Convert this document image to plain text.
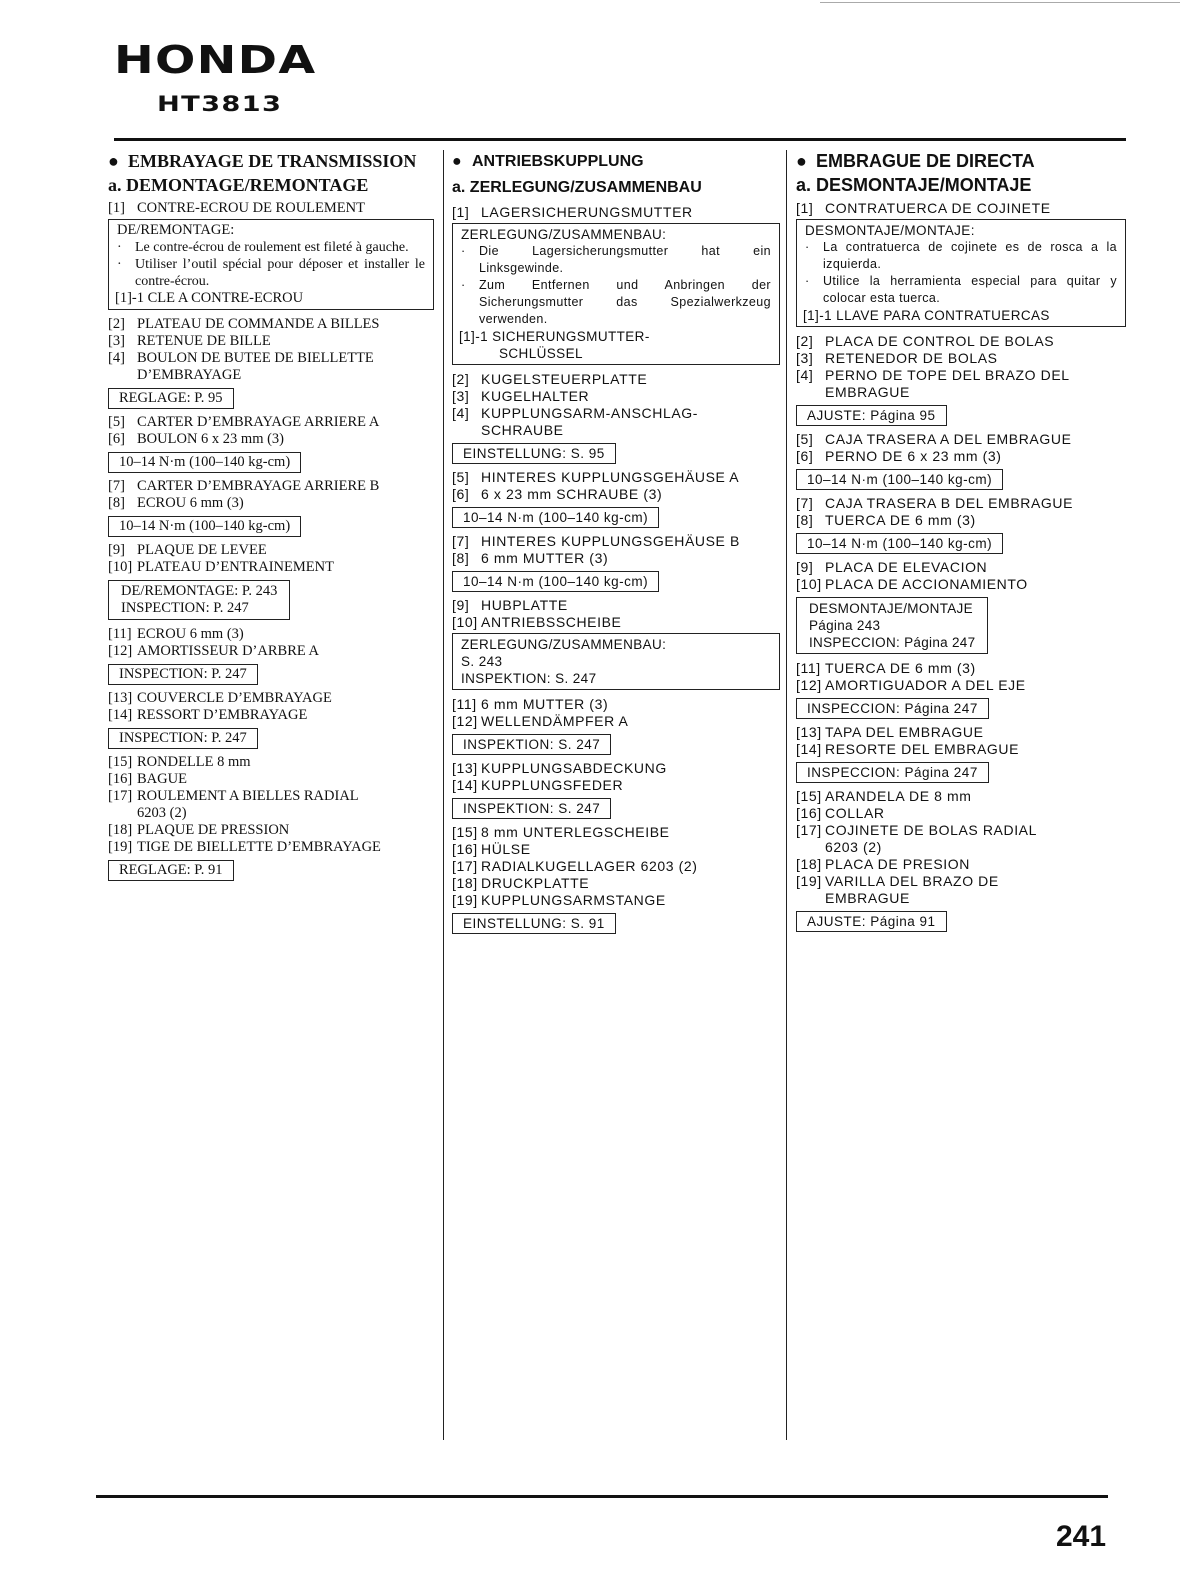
HONDA
HT3813
● EMBRAYAGE DE TRANSMISSION
a. DEMONTAGE/REMONTAGE
[1] CONTRE-ECROU DE ROULEMENT
DE/REMONTAGE:
· Le contre-écrou de roulement est fileté à gauche.
· Utiliser l’outil spécial pour déposer et installer le contre-écrou.
[1]-1 CLE A CONTRE-ECROU
[2] PLATEAU DE COMMANDE A BILLES
[3] RETENUE DE BILLE
[4] BOULON DE BUTEE DE BIELLETTE
D’EMBRAYAGE
REGLAGE: P. 95
[5] CARTER D’EMBRAYAGE ARRIERE A
[6] BOULON 6 x 23 mm (3)
10–14 N·m (100–140 kg-cm)
[7] CARTER D’EMBRAYAGE ARRIERE B
[8] ECROU 6 mm (3)
10–14 N·m (100–140 kg-cm)
[9] PLAQUE DE LEVEE
[10] PLATEAU D’ENTRAINEMENT
DE/REMONTAGE: P. 243
INSPECTION: P. 247
[11] ECROU 6 mm (3)
[12] AMORTISSEUR D’ARBRE A
INSPECTION: P. 247
[13] COUVERCLE D’EMBRAYAGE
[14] RESSORT D’EMBRAYAGE
INSPECTION: P. 247
[15] RONDELLE 8 mm
[16] BAGUE
[17] ROULEMENT A BIELLES RADIAL
6203 (2)
[18] PLAQUE DE PRESSION
[19] TIGE DE BIELLETTE D’EMBRAYAGE
REGLAGE: P. 91
● ANTRIEBSKUPPLUNG
a. ZERLEGUNG/ZUSAMMENBAU
[1] LAGERSICHERUNGSMUTTER
ZERLEGUNG/ZUSAMMENBAU:
·	Die Lagersicherungsmutter hat ein Linksgewinde.
·	Zum Entfernen und Anbringen der Sicherungsmutter das Spezialwerkzeug verwenden.
[1]-1 SICHERUNGSMUTTER-
SCHLÜSSEL
[2] KUGELSTEUERPLATTE
[3] KUGELHALTER
[4] KUPPLUNGSARM-ANSCHLAG-
SCHRAUBE
EINSTELLUNG: S. 95
[5] HINTERES KUPPLUNGSGEHÄUSE A
[6] 6 x 23 mm SCHRAUBE (3)
10–14 N·m (100–140 kg-cm)
[7] HINTERES KUPPLUNGSGEHÄUSE B
[8] 6 mm MUTTER (3)
10–14 N·m (100–140 kg-cm)
[9] HUBPLATTE
[10] ANTRIEBSSCHEIBE
ZERLEGUNG/ZUSAMMENBAU:
S. 243
INSPEKTION: S. 247
[11] 6 mm MUTTER (3)
[12] WELLENDÄMPFER A
INSPEKTION: S. 247
[13] KUPPLUNGSABDECKUNG
[14] KUPPLUNGSFEDER
INSPEKTION: S. 247
[15] 8 mm UNTERLEGSCHEIBE
[16] HÜLSE
[17] RADIALKUGELLAGER 6203 (2)
[18] DRUCKPLATTE
[19] KUPPLUNGSARMSTANGE
EINSTELLUNG: S. 91
● EMBRAGUE DE DIRECTA
a. DESMONTAJE/MONTAJE
[1] CONTRATUERCA DE COJINETE
DESMONTAJE/MONTAJE:
·	La contratuerca de cojinete es de rosca a la izquierda.
·	Utilice la herramienta especial para quitar y colocar esta tuerca.
[1]-1 LLAVE PARA CONTRATUERCAS
[2] PLACA DE CONTROL DE BOLAS
[3] RETENEDOR DE BOLAS
[4] PERNO DE TOPE DEL BRAZO DEL
EMBRAGUE
AJUSTE: Página 95
[5] CAJA TRASERA A DEL EMBRAGUE
[6] PERNO DE 6 x 23 mm (3)
10–14 N·m (100–140 kg-cm)
[7] CAJA TRASERA B DEL EMBRAGUE
[8] TUERCA DE 6 mm (3)
10–14 N·m (100–140 kg-cm)
[9] PLACA DE ELEVACION
[10] PLACA DE ACCIONAMIENTO
DESMONTAJE/MONTAJE
Página 243
INSPECCION: Página 247
[11] TUERCA DE 6 mm (3)
[12] AMORTIGUADOR A DEL EJE
INSPECCION: Página 247
[13] TAPA DEL EMBRAGUE
[14] RESORTE DEL EMBRAGUE
INSPECCION: Página 247
[15] ARANDELA DE 8 mm
[16] COLLAR
[17] COJINETE DE BOLAS RADIAL
6203 (2)
[18] PLACA DE PRESION
[19] VARILLA DEL BRAZO DE
EMBRAGUE
AJUSTE: Página 91
241
